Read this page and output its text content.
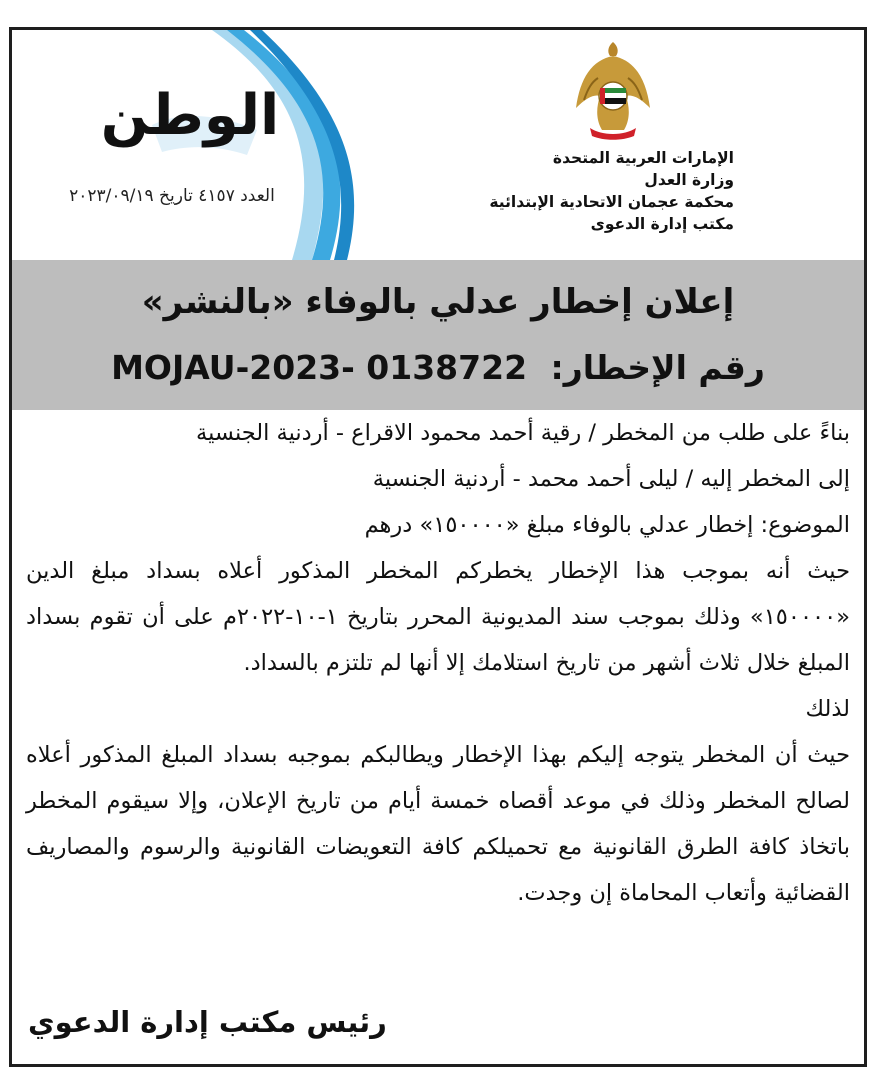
الوطن
العدد ٤١٥٧ تاريخ ٢٠٢٣/٠٩/١٩
الإمارات العربية المتحدة
وزارة العدل
محكمة عجمان الاتحادية الإبتدائية
مكتب إدارة الدعوى
إعلان إخطار عدلي بالوفاء «بالنشر»
رقم الإخطار: MOJAU-2023- 0138722

بناءً على طلب من المخطر / رقية أحمد محمود الاقراع - أردنية الجنسية

إلى المخطر إليه / ليلى أحمد محمد - أردنية الجنسية

الموضوع: إخطار عدلي بالوفاء مبلغ «١٥٠٠٠٠» درهم

حيث أنه بموجب هذا الإخطار يخطركم المخطر المذكور أعلاه بسداد مبلغ الدين «١٥٠٠٠٠» وذلك بموجب سند المديونية المحرر بتاريخ ١-١٠-٢٠٢٢م على أن تقوم بسداد المبلغ خلال ثلاث أشهر من تاريخ استلامك إلا أنها لم تلتزم بالسداد.

لذلك

حيث أن المخطر يتوجه إليكم بهذا الإخطار ويطالبكم بموجبه بسداد المبلغ المذكور أعلاه لصالح المخطر وذلك في موعد أقصاه خمسة أيام من تاريخ الإعلان، وإلا سيقوم المخطر باتخاذ كافة الطرق القانونية مع تحميلكم كافة التعويضات القانونية والرسوم والمصاريف القضائية وأتعاب المحاماة إن وجدت.

رئيس مكتب إدارة الدعوي
